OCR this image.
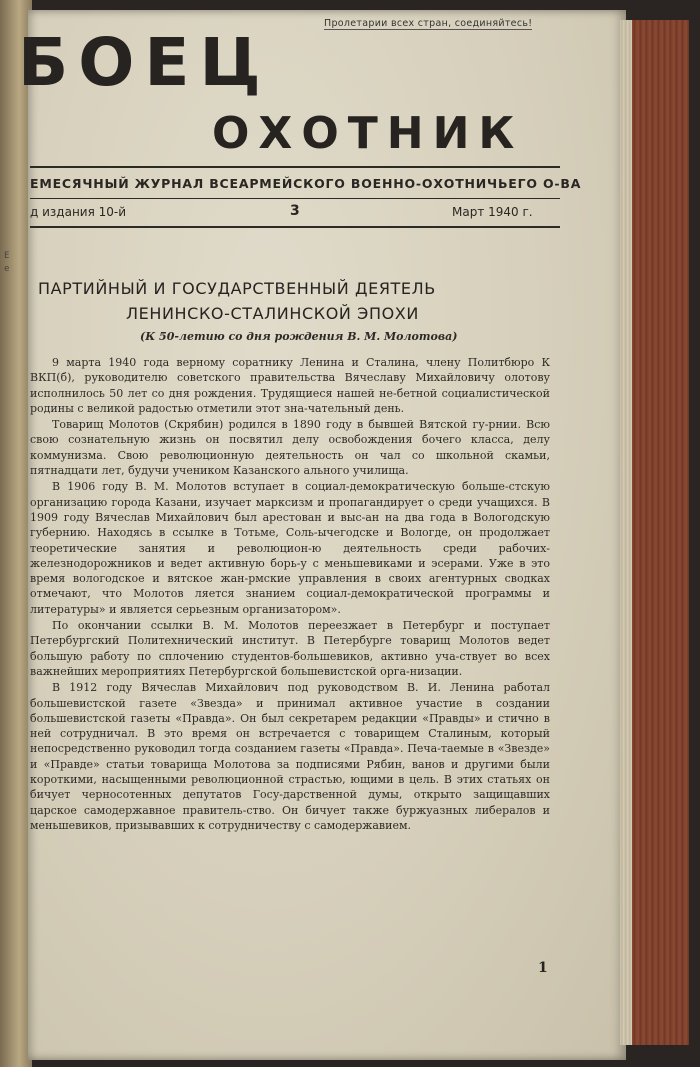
Пролетарии всех стран, соединяйтесь!
БОЕЦ
ОХОТНИК
ЕМЕСЯЧНЫЙ ЖУРНАЛ ВСЕАРМЕЙСКОГО ВОЕННО-ОХОТНИЧЬЕГО О-ВА
д издания 10-й	3	Март 1940 г.
ПАРТИЙНЫЙ И ГОСУДАРСТВЕННЫЙ ДЕЯТЕЛЬ
ЛЕНИНСКО-СТАЛИНСКОЙ ЭПОХИ
(К 50-летию со дня рождения В. М. Молотова)

9 марта 1940 года верному соратнику Ленина и Сталина, члену Политбюро К ВКП(б), руководителю советского правительства Вячеславу Михайловичу олотову исполнилось 50 лет со дня рождения. Трудящиеся нашей не-бетной социалистической родины с великой радостью отметили этот зна-чательный день.

Товарищ Молотов (Скрябин) родился в 1890 году в бывшей Вятской гу-рнии. Всю свою сознательную жизнь он посвятил делу освобождения бочего класса, делу коммунизма. Свою революционную деятельность он чал со школьной скамьи, пятнадцати лет, будучи учеником Казанского ального училища.

В 1906 году В. М. Молотов вступает в социал-демократическую больше-стскую организацию города Казани, изучает марксизм и пропагандирует о среди учащихся. В 1909 году Вячеслав Михайлович был арестован и выс-ан на два года в Вологодскую губернию. Находясь в ссылке в Тотьме, Соль-ычегодске и Вологде, он продолжает теоретические занятия и революцион-ю деятельность среди рабочих-железнодорожников и ведет активную борь-у с меньшевиками и эсерами. Уже в это время вологодское и вятское жан-рмские управления в своих агентурных сводках отмечают, что Молотов ляется знанием социал-демократической программы и литературы» и является серьезным организатором».

По окончании ссылки В. М. Молотов переезжает в Петербург и поступает Петербургский Политехнический институт. В Петербурге товарищ Молотов ведет большую работу по сплочению студентов-большевиков, активно уча-ствует во всех важнейших мероприятиях Петербургской большевистской орга-низации.

В 1912 году Вячеслав Михайлович под руководством В. И. Ленина работал большевистской газете «Звезда» и принимал активное участие в создании большевистской газеты «Правда». Он был секретарем редакции «Правды» и стично в ней сотрудничал. В это время он встречается с товарищем Сталиным, который непосредственно руководил тогда созданием газеты «Правда». Печа-таемые в «Звезде» и «Правде» статьи товарища Молотова за подписями Рябин, ванов и другими были короткими, насыщенными революционной страстью, ющими в цель. В этих статьях он бичует черносотенных депутатов Госу-дарственной думы, открыто защищавших царское самодержавное правитель-ство. Он бичует также буржуазных либералов и меньшевиков, призывавших к сотрудничеству с самодержавием.

1
Е
е
